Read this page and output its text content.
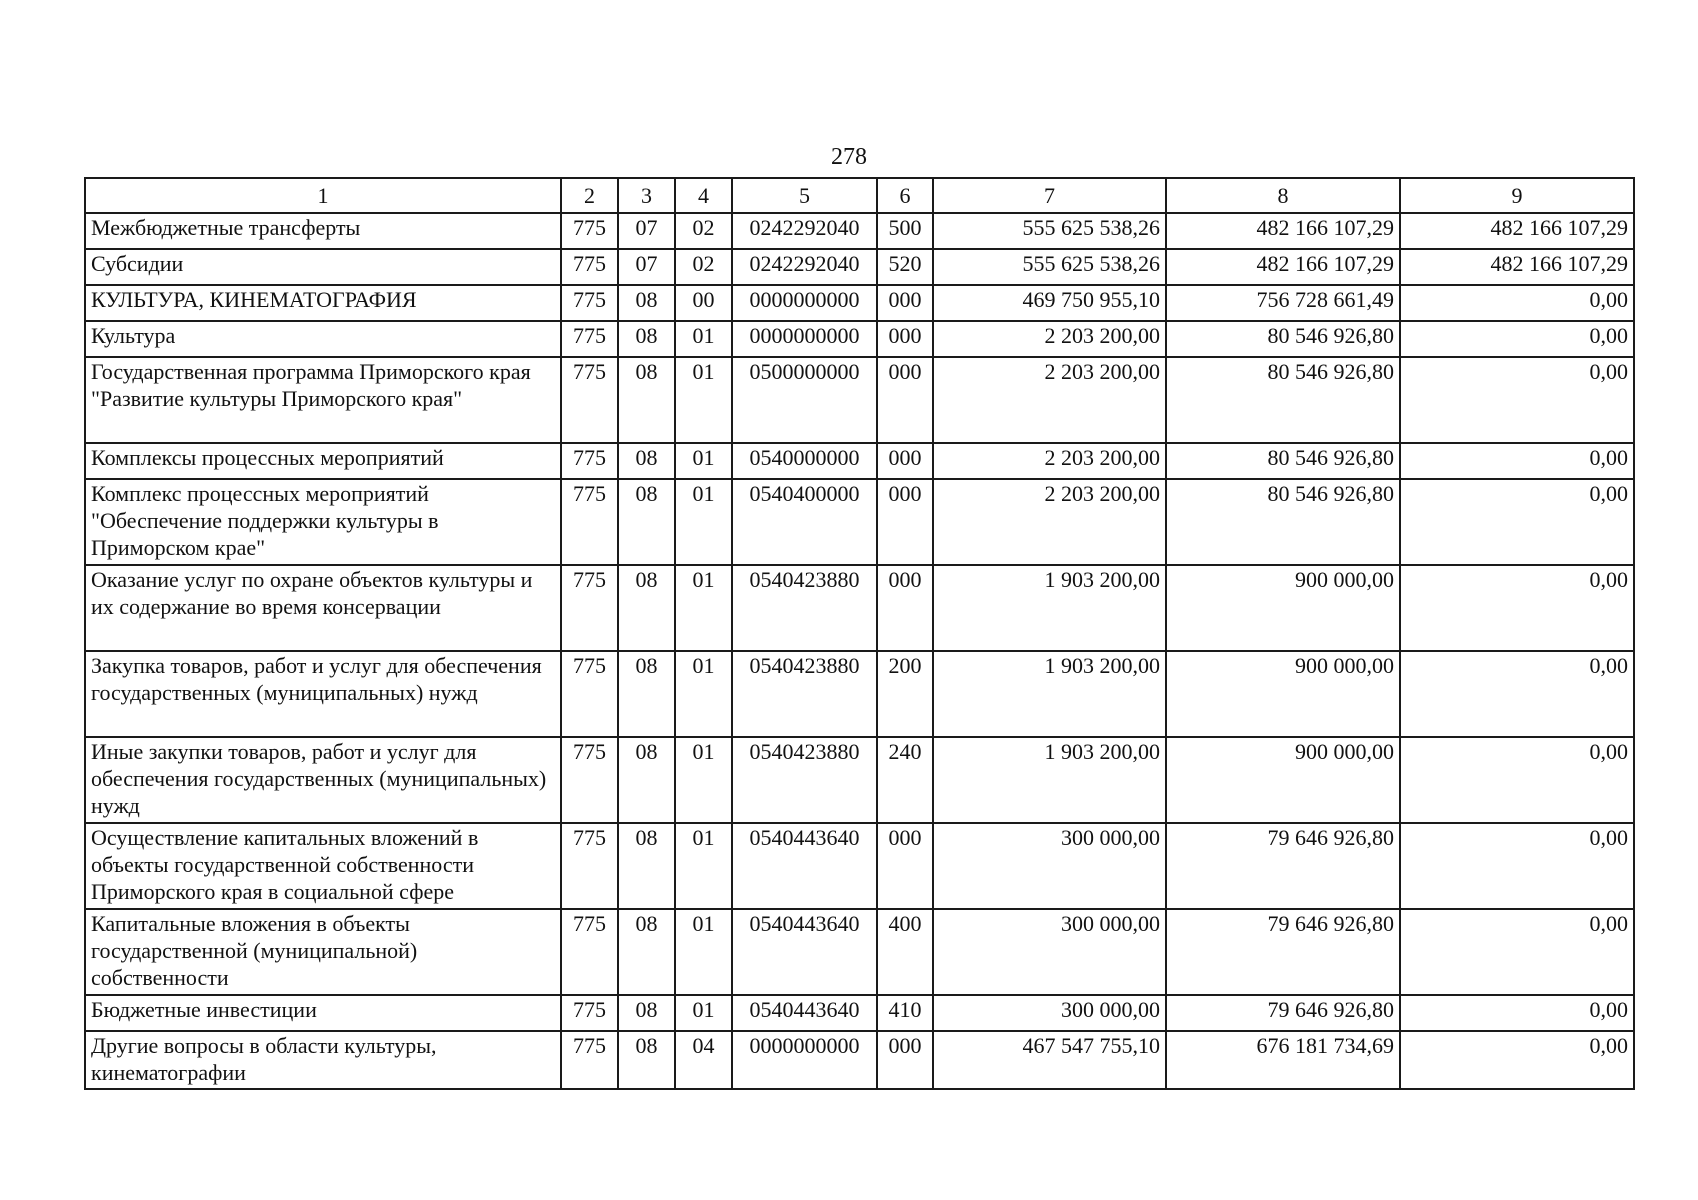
278
1	2	3	4	5	6	7	8	9
Межбюджетные трансферты	775	07	02	0242292040	500	555 625 538,26	482 166 107,29	482 166 107,29
Субсидии	775	07	02	0242292040	520	555 625 538,26	482 166 107,29	482 166 107,29
КУЛЬТУРА, КИНЕМАТОГРАФИЯ	775	08	00	0000000000	000	469 750 955,10	756 728 661,49	0,00
Культура	775	08	01	0000000000	000	2 203 200,00	80 546 926,80	0,00
Государственная программа Приморского края "Развитие культуры Приморского края"	775	08	01	0500000000	000	2 203 200,00	80 546 926,80	0,00
Комплексы процессных мероприятий	775	08	01	0540000000	000	2 203 200,00	80 546 926,80	0,00
Комплекс процессных мероприятий "Обеспечение поддержки культуры в Приморском крае"	775	08	01	0540400000	000	2 203 200,00	80 546 926,80	0,00
Оказание услуг по охране объектов культуры и их содержание во время консервации	775	08	01	0540423880	000	1 903 200,00	900 000,00	0,00
Закупка товаров, работ и услуг для обеспечения государственных (муниципальных) нужд	775	08	01	0540423880	200	1 903 200,00	900 000,00	0,00
Иные закупки товаров, работ и услуг для обеспечения государственных (муниципальных) нужд	775	08	01	0540423880	240	1 903 200,00	900 000,00	0,00
Осуществление капитальных вложений в объекты государственной собственности Приморского края в социальной сфере	775	08	01	0540443640	000	300 000,00	79 646 926,80	0,00
Капитальные вложения в объекты государственной (муниципальной) собственности	775	08	01	0540443640	400	300 000,00	79 646 926,80	0,00
Бюджетные инвестиции	775	08	01	0540443640	410	300 000,00	79 646 926,80	0,00
Другие вопросы в области культуры, кинематографии	775	08	04	0000000000	000	467 547 755,10	676 181 734,69	0,00
